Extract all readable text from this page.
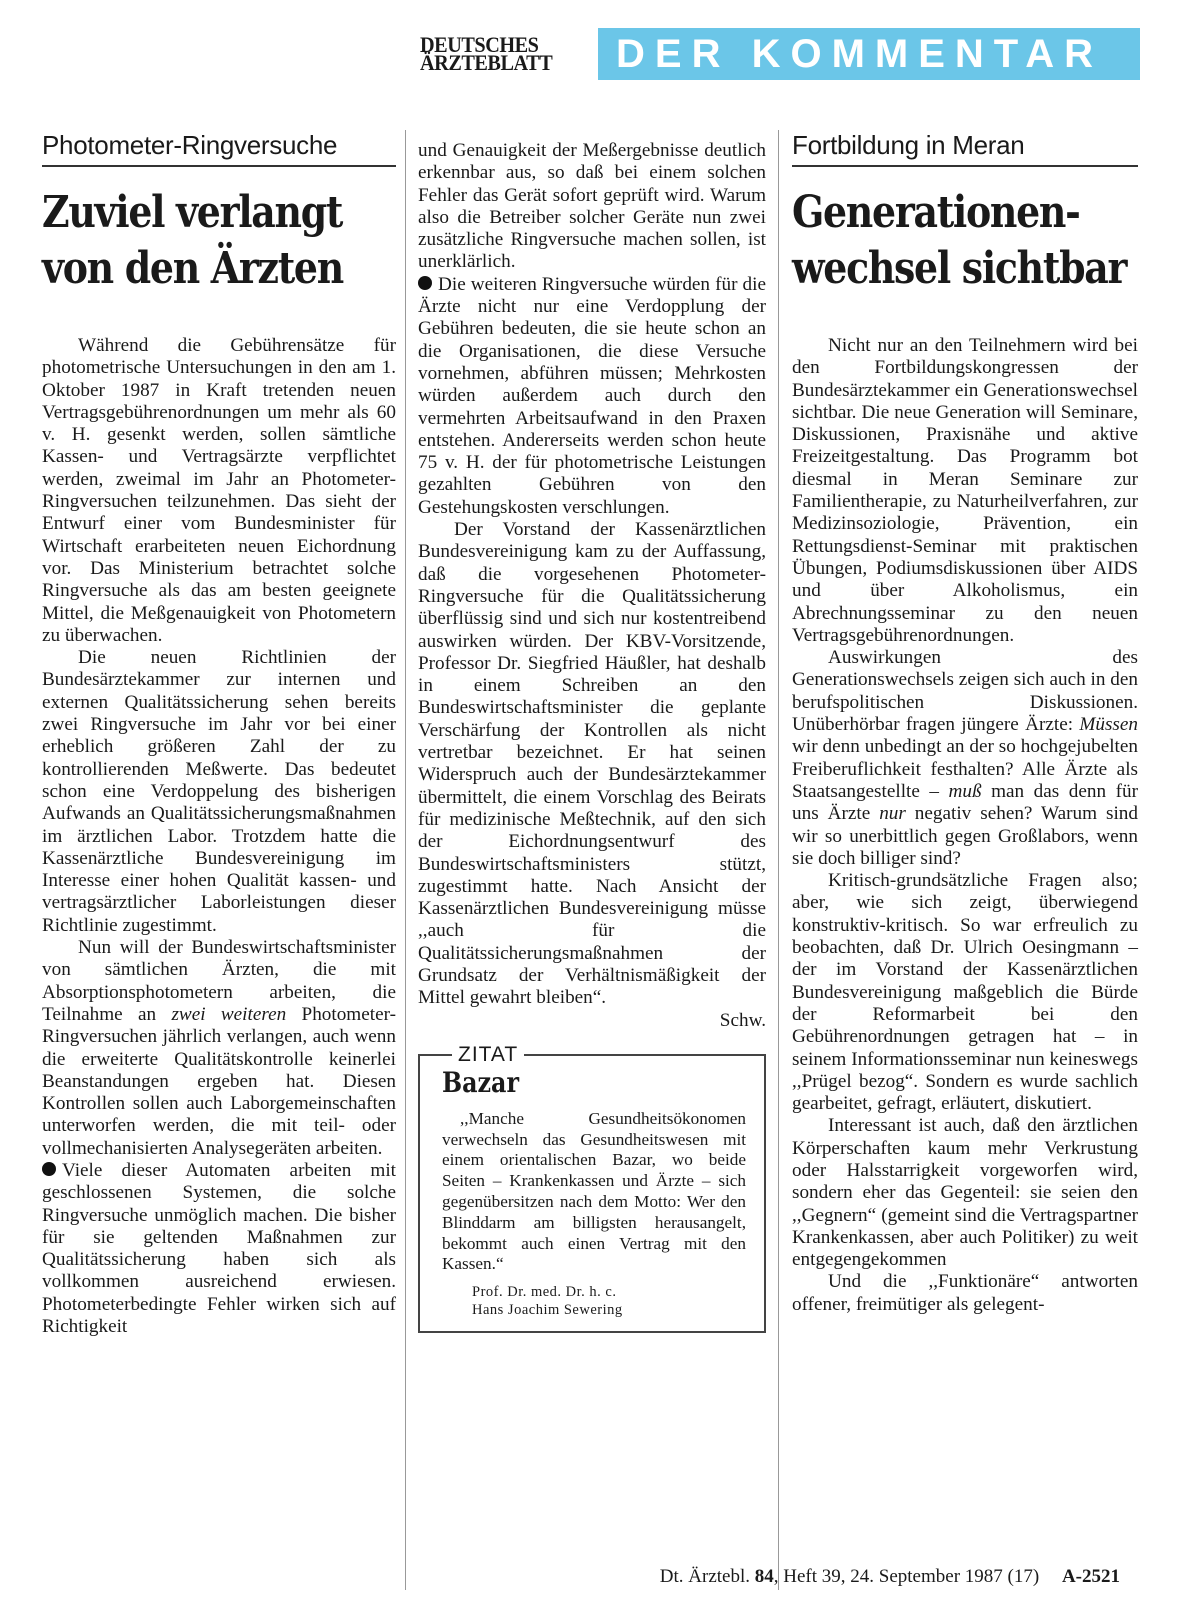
DEUTSCHES
ÄRZTEBLATT	DER KOMMENTAR
Photometer-Ringversuche
Zuviel verlangt
von den Ärzten

Während die Gebührensätze für photometrische Untersuchungen in den am 1. Oktober 1987 in Kraft tretenden neuen Vertragsgebührenordnungen um mehr als 60 v. H. gesenkt werden, sollen sämtliche Kassen- und Vertragsärzte verpflichtet werden, zweimal im Jahr an Photometer-Ringversuchen teilzunehmen. Das sieht der Entwurf einer vom Bundesminister für Wirtschaft erarbeiteten neuen Eichordnung vor. Das Ministerium betrachtet solche Ringversuche als das am besten geeignete Mittel, die Meßgenauigkeit von Photometern zu überwachen.

Die neuen Richtlinien der Bundesärztekammer zur internen und externen Qualitätssicherung sehen bereits zwei Ringversuche im Jahr vor bei einer erheblich größeren Zahl der zu kontrollierenden Meßwerte. Das bedeutet schon eine Verdoppelung des bisherigen Aufwands an Qualitätssicherungsmaßnahmen im ärztlichen Labor. Trotzdem hatte die Kassenärztliche Bundesvereinigung im Interesse einer hohen Qualität kassen- und vertragsärztlicher Laborleistungen dieser Richtlinie zugestimmt.

Nun will der Bundeswirtschaftsminister von sämtlichen Ärzten, die mit Absorptionsphotometern arbeiten, die Teilnahme an zwei weiteren Photometer-Ringversuchen jährlich verlangen, auch wenn die erweiterte Qualitätskontrolle keinerlei Beanstandungen ergeben hat. Diesen Kontrollen sollen auch Laborgemeinschaften unterworfen werden, die mit teil- oder vollmechanisierten Analysegeräten arbeiten.

Viele dieser Automaten arbeiten mit geschlossenen Systemen, die solche Ringversuche unmöglich machen. Die bisher für sie geltenden Maßnahmen zur Qualitätssicherung haben sich als vollkommen ausreichend erwiesen. Photometerbedingte Fehler wirken sich auf Richtigkeit

und Genauigkeit der Meßergebnisse deutlich erkennbar aus, so daß bei einem solchen Fehler das Gerät sofort geprüft wird. Warum also die Betreiber solcher Geräte nun zwei zusätzliche Ringversuche machen sollen, ist unerklärlich.

Die weiteren Ringversuche würden für die Ärzte nicht nur eine Verdopplung der Gebühren bedeuten, die sie heute schon an die Organisationen, die diese Versuche vornehmen, abführen müssen; Mehrkosten würden außerdem auch durch den vermehrten Arbeitsaufwand in den Praxen entstehen. Andererseits werden schon heute 75 v. H. der für photometrische Leistungen gezahlten Gebühren von den Gestehungskosten verschlungen.

Der Vorstand der Kassenärztlichen Bundesvereinigung kam zu der Auffassung, daß die vorgesehenen Photometer-Ringversuche für die Qualitätssicherung überflüssig sind und sich nur kostentreibend auswirken würden. Der KBV-Vorsitzende, Professor Dr. Siegfried Häußler, hat deshalb in einem Schreiben an den Bundeswirtschaftsminister die geplante Verschärfung der Kontrollen als nicht vertretbar bezeichnet. Er hat seinen Widerspruch auch der Bundesärztekammer übermittelt, die einem Vorschlag des Beirats für medizinische Meßtechnik, auf den sich der Eichordnungsentwurf des Bundeswirtschaftsministers stützt, zugestimmt hatte. Nach Ansicht der Kassenärztlichen Bundesvereinigung müsse ,,auch für die Qualitätssicherungsmaßnahmen der Grundsatz der Verhältnismäßigkeit der Mittel gewahrt bleiben“.

Schw.

ZITAT
Bazar

,,Manche Gesundheitsökonomen verwechseln das Gesundheitswesen mit einem orientalischen Bazar, wo beide Seiten – Krankenkassen und Ärzte – sich gegenübersitzen nach dem Motto: Wer den Blinddarm am billigsten herausangelt, bekommt auch einen Vertrag mit den Kassen.“

Prof. Dr. med. Dr. h. c.
Hans Joachim Sewering
Fortbildung in Meran
Generationen-
wechsel sichtbar

Nicht nur an den Teilnehmern wird bei den Fortbildungskongressen der Bundesärztekammer ein Generationswechsel sichtbar. Die neue Generation will Seminare, Diskussionen, Praxisnähe und aktive Freizeitgestaltung. Das Programm bot diesmal in Meran Seminare zur Familientherapie, zu Naturheilverfahren, zur Medizinsoziologie, Prävention, ein Rettungsdienst-Seminar mit praktischen Übungen, Podiumsdiskussionen über AIDS und über Alkoholismus, ein Abrechnungsseminar zu den neuen Vertragsgebührenordnungen.

Auswirkungen des Generationswechsels zeigen sich auch in den berufspolitischen Diskussionen. Unüberhörbar fragen jüngere Ärzte: Müssen wir denn unbedingt an der so hochgejubelten Freiberuflichkeit festhalten? Alle Ärzte als Staatsangestellte – muß man das denn für uns Ärzte nur negativ sehen? Warum sind wir so unerbittlich gegen Großlabors, wenn sie doch billiger sind?

Kritisch-grundsätzliche Fragen also; aber, wie sich zeigt, überwiegend konstruktiv-kritisch. So war erfreulich zu beobachten, daß Dr. Ulrich Oesingmann – der im Vorstand der Kassenärztlichen Bundesvereinigung maßgeblich die Bürde der Reformarbeit bei den Gebührenordnungen getragen hat – in seinem Informationsseminar nun keineswegs ,,Prügel bezog“. Sondern es wurde sachlich gearbeitet, gefragt, erläutert, diskutiert.

Interessant ist auch, daß den ärztlichen Körperschaften kaum mehr Verkrustung oder Halsstarrigkeit vorgeworfen wird, sondern eher das Gegenteil: sie seien den ,,Gegnern“ (gemeint sind die Vertragspartner Krankenkassen, aber auch Politiker) zu weit entgegengekommen

Und die ,,Funktionäre“ antworten offener, freimütiger als gelegent-

Dt. Ärztebl. 84, Heft 39, 24. September 1987 (17) A-2521
